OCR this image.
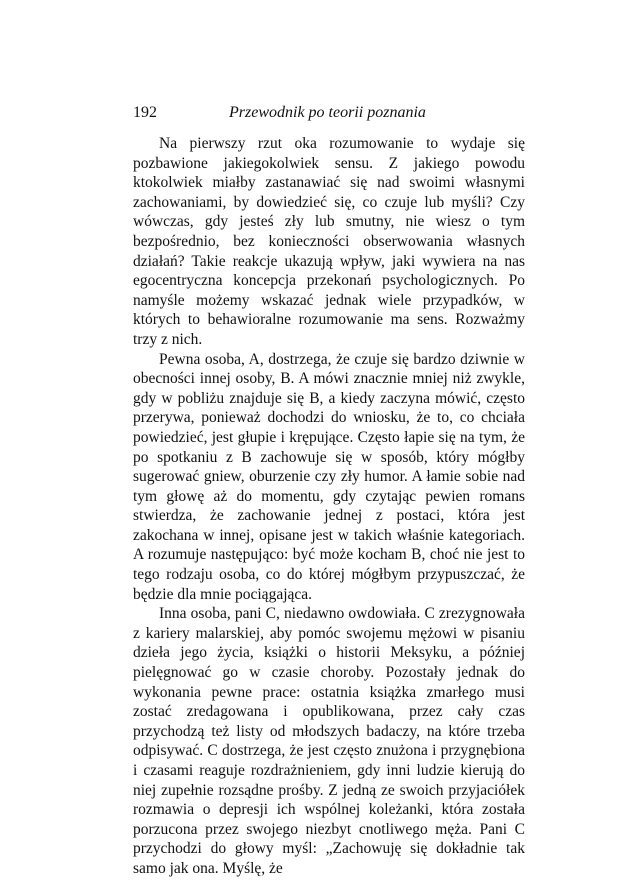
192	Przewodnik po teorii poznania

Na pierwszy rzut oka rozumowanie to wydaje się pozbawione jakiegokolwiek sensu. Z jakiego powodu ktokolwiek miałby zastanawiać się nad swoimi własnymi zachowaniami, by dowiedzieć się, co czuje lub myśli? Czy wówczas, gdy jesteś zły lub smutny, nie wiesz o tym bezpośrednio, bez konieczności obserwowania własnych działań? Takie reakcje ukazują wpływ, jaki wywiera na nas egocentryczna koncepcja przekonań psychologicznych. Po namyśle możemy wskazać jednak wiele przypadków, w których to behawioralne rozumowanie ma sens. Rozważmy trzy z nich.

Pewna osoba, A, dostrzega, że czuje się bardzo dziwnie w obecności innej osoby, B. A mówi znacznie mniej niż zwykle, gdy w pobliżu znajduje się B, a kiedy zaczyna mówić, często przerywa, ponieważ dochodzi do wniosku, że to, co chciała powiedzieć, jest głupie i krępujące. Często łapie się na tym, że po spotkaniu z B zachowuje się w sposób, który mógłby sugerować gniew, oburzenie czy zły humor. A łamie sobie nad tym głowę aż do momentu, gdy czytając pewien romans stwierdza, że zachowanie jednej z postaci, która jest zakochana w innej, opisane jest w takich właśnie kategoriach. A rozumuje następująco: być może kocham B, choć nie jest to tego rodzaju osoba, co do której mógłbym przypuszczać, że będzie dla mnie pociągająca.

Inna osoba, pani C, niedawno owdowiała. C zrezygnowała z kariery malarskiej, aby pomóc swojemu mężowi w pisaniu dzieła jego życia, książki o historii Meksyku, a później pielęgnować go w czasie choroby. Pozostały jednak do wykonania pewne prace: ostatnia książka zmarłego musi zostać zredagowana i opublikowana, przez cały czas przychodzą też listy od młodszych badaczy, na które trzeba odpisywać. C dostrzega, że jest często znużona i przygnębiona i czasami reaguje rozdrażnieniem, gdy inni ludzie kierują do niej zupełnie rozsądne prośby. Z jedną ze swoich przyjaciółek rozmawia o depresji ich wspólnej koleżanki, która została porzucona przez swojego niezbyt cnotliwego męża. Pani C przychodzi do głowy myśl: „Zachowuję się dokładnie tak samo jak ona. Myślę, że
